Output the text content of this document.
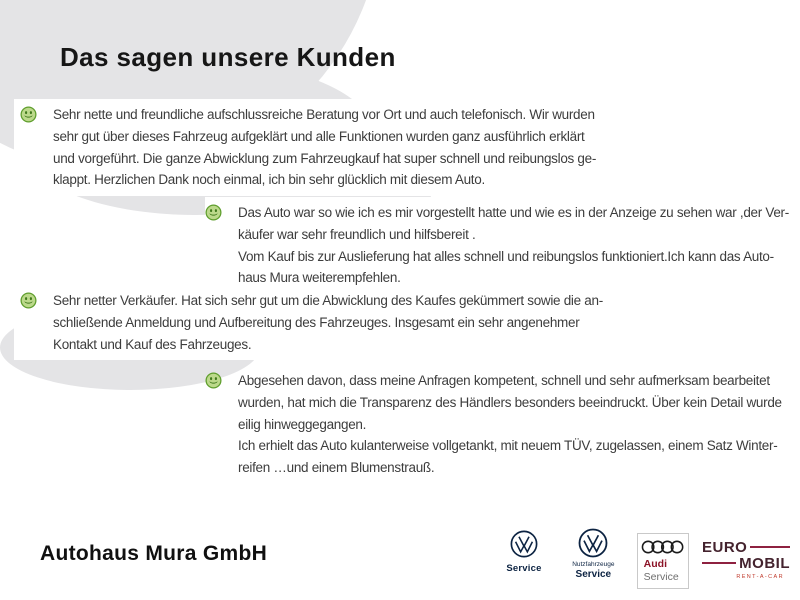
Das sagen unsere Kunden
Sehr nette und freundliche aufschlussreiche Beratung vor Ort und auch telefonisch. Wir wurden
sehr gut über dieses Fahrzeug aufgeklärt und alle Funktionen wurden ganz ausführlich erklärt
und vorgeführt. Die ganze Abwicklung zum Fahrzeugkauf hat super schnell und reibungslos ge-
klappt. Herzlichen Dank noch einmal, ich bin sehr glücklich mit diesem Auto.
Das Auto war so wie ich es mir vorgestellt hatte und wie es in der Anzeige zu sehen war ,der Ver-
käufer war sehr freundlich und hilfsbereit .
Vom Kauf bis zur Auslieferung hat alles schnell und reibungslos funktioniert.Ich kann das Auto-
haus Mura weiterempfehlen.
Sehr netter Verkäufer. Hat sich sehr gut um die Abwicklung des Kaufes gekümmert sowie die an-
schließende Anmeldung und Aufbereitung des Fahrzeuges. Insgesamt ein sehr angenehmer
Kontakt und Kauf des Fahrzeuges.
Abgesehen davon, dass meine Anfragen kompetent, schnell und sehr aufmerksam bearbeitet
wurden, hat mich die Transparenz des Händlers besonders beeindruckt. Über kein Detail wurde
eilig hinweggegangen.
Ich erhielt das Auto kulanterweise vollgetankt, mit neuem TÜV, zugelassen, einem Satz Winter-
reifen …und einem Blumenstrauß.
Autohaus Mura GmbH
Service	Nutzfahrzeuge
Service
Audi
Service
EURO
MOBIL
RENT-A-CAR
